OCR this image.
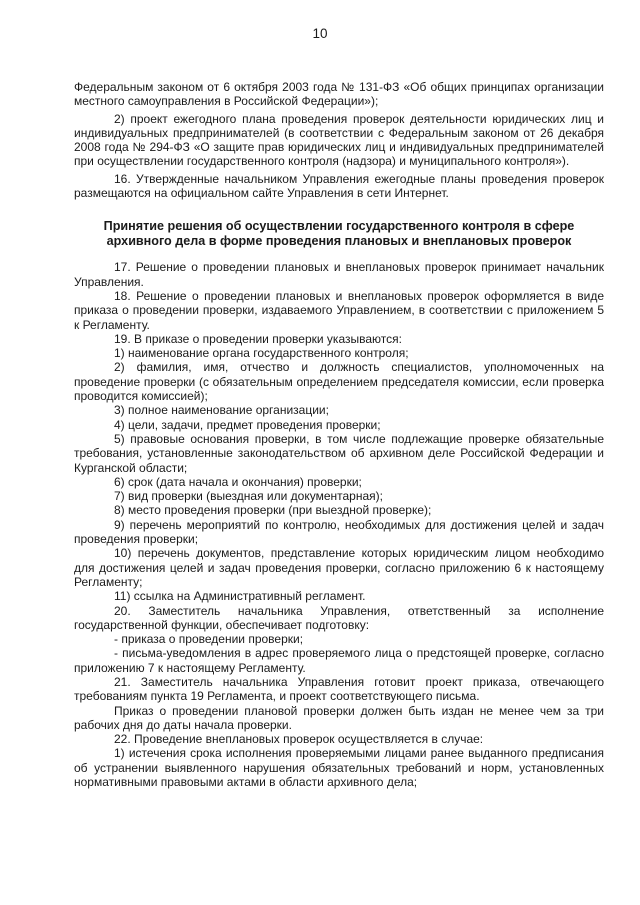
10

Федеральным законом от 6 октября 2003 года № 131-ФЗ «Об общих принципах организации местного самоуправления в Российской Федерации»);

2) проект ежегодного плана проведения проверок деятельности юридических лиц и индивидуальных предпринимателей (в соответствии с Федеральным законом от 26 декабря 2008 года № 294-ФЗ «О защите прав юридических лиц и индивидуальных предпринимателей при осуществлении государственного контроля (надзора) и муниципального контроля»).

16. Утвержденные начальником Управления ежегодные планы проведения проверок размещаются на официальном сайте Управления в сети Интернет.

Принятие решения об осуществлении государственного контроля в сфере архивного дела в форме проведения плановых и внеплановых проверок

17. Решение о проведении плановых и внеплановых проверок принимает начальник Управления.

18. Решение о проведении плановых и внеплановых проверок оформляется в виде приказа о проведении проверки, издаваемого Управлением, в соответствии с приложением 5 к Регламенту.

19. В приказе о проведении проверки указываются:

1) наименование органа государственного контроля;

2) фамилия, имя, отчество и должность специалистов, уполномоченных на проведение проверки (с обязательным определением председателя комиссии, если проверка проводится комиссией);

3) полное наименование организации;

4) цели, задачи, предмет проведения проверки;

5) правовые основания проверки, в том числе подлежащие проверке обязательные требования, установленные законодательством об архивном деле Российской Федерации и Курганской области;

6) срок (дата начала и окончания) проверки;

7) вид проверки (выездная или документарная);

8) место проведения проверки (при выездной проверке);

9) перечень мероприятий по контролю, необходимых для достижения целей и задач проведения проверки;

10) перечень документов, представление которых юридическим лицом необходимо для достижения целей и задач проведения проверки, согласно приложению 6 к настоящему Регламенту;

11) ссылка на Административный регламент.

20. Заместитель начальника Управления, ответственный за исполнение государственной функции, обеспечивает подготовку:

- приказа о проведении проверки;

- письма-уведомления в адрес проверяемого лица о предстоящей проверке, согласно приложению 7 к настоящему Регламенту.

21. Заместитель начальника Управления готовит проект приказа, отвечающего требованиям пункта 19 Регламента, и проект соответствующего письма.

Приказ о проведении плановой проверки должен быть издан не менее чем за три рабочих дня до даты начала проверки.

22. Проведение внеплановых проверок осуществляется в случае:

1) истечения срока исполнения проверяемыми лицами ранее выданного предписания об устранении выявленного нарушения обязательных требований и норм, установленных нормативными правовыми актами в области архивного дела;
